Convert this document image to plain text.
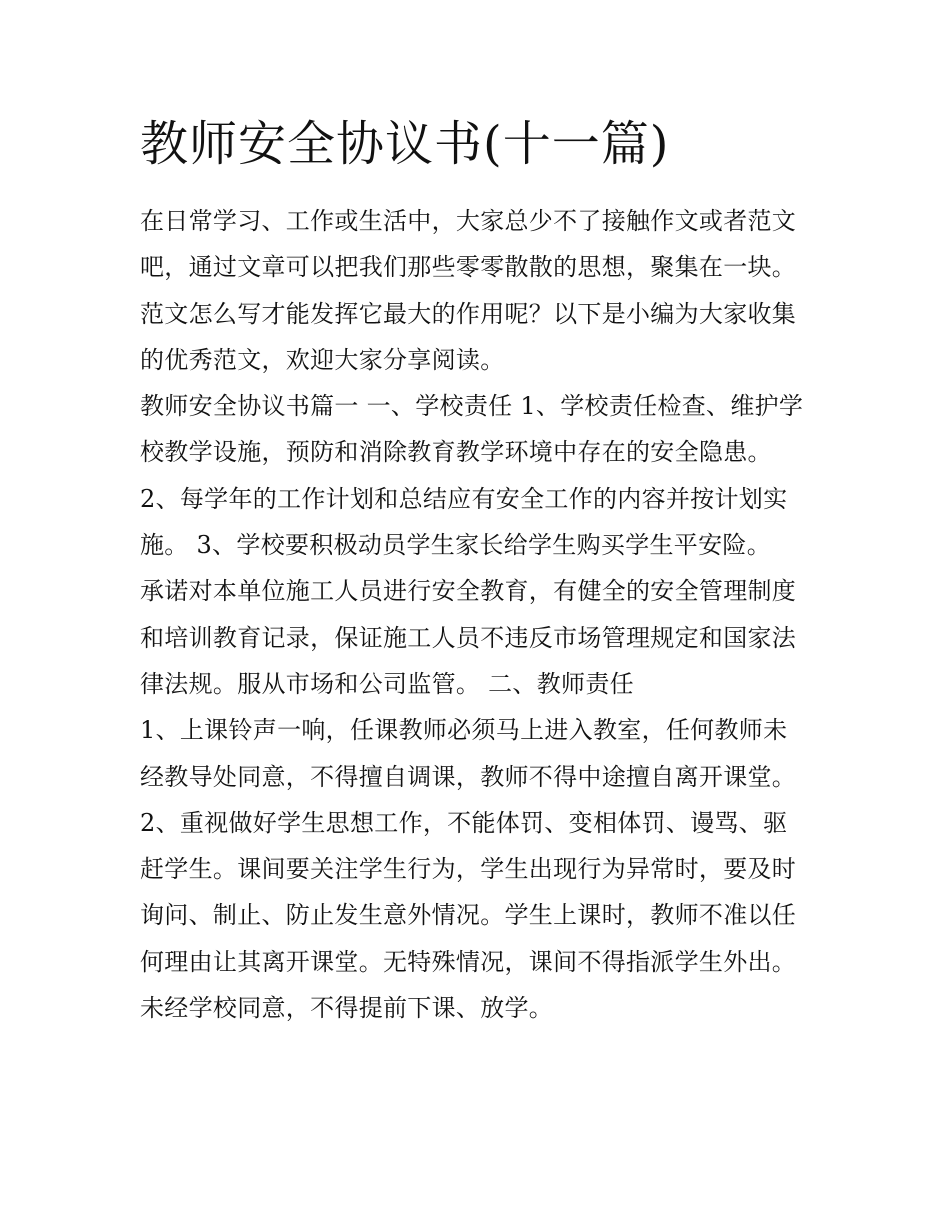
教师安全协议书(十一篇)
在日常学习、工作或生活中，大家总少不了接触作文或者范文
吧，通过文章可以把我们那些零零散散的思想，聚集在一块。
范文怎么写才能发挥它最大的作用呢？以下是小编为大家收集
的优秀范文，欢迎大家分享阅读。
教师安全协议书篇一 一、学校责任 1、学校责任检查、维护学
校教学设施，预防和消除教育教学环境中存在的安全隐患。
2、每学年的工作计划和总结应有安全工作的内容并按计划实
施。 3、学校要积极动员学生家长给学生购买学生平安险。
承诺对本单位施工人员进行安全教育，有健全的安全管理制度
和培训教育记录，保证施工人员不违反市场管理规定和国家法
律法规。服从市场和公司监管。 二、教师责任
1、上课铃声一响，任课教师必须马上进入教室，任何教师未
经教导处同意，不得擅自调课，教师不得中途擅自离开课堂。
2、重视做好学生思想工作，不能体罚、变相体罚、谩骂、驱
赶学生。课间要关注学生行为，学生出现行为异常时，要及时
询问、制止、防止发生意外情况。学生上课时，教师不准以任
何理由让其离开课堂。无特殊情况，课间不得指派学生外出。
未经学校同意，不得提前下课、放学。
